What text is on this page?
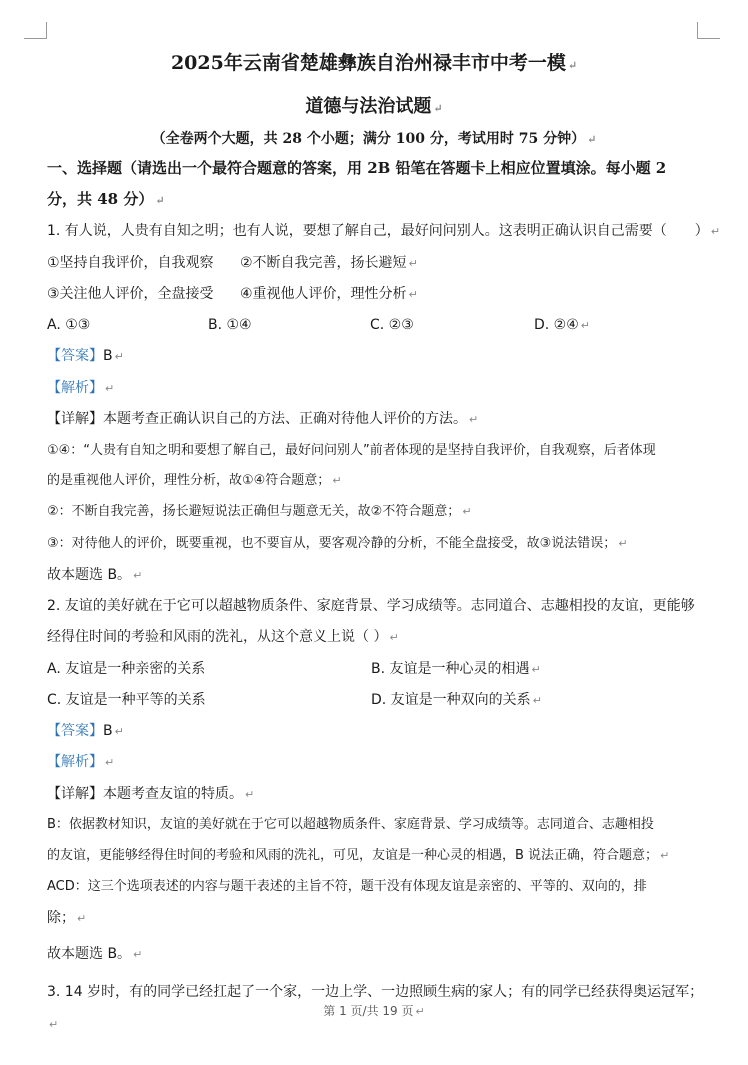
2025年云南省楚雄彝族自治州禄丰市中考一模 ↵
道德与法治试题 ↵
（全卷两个大题，共 28 个小题；满分 100 分，考试用时 75 分钟） ↵
一、选择题（请选出一个最符合题意的答案，用 2B 铅笔在答题卡上相应位置填涂。每小题 2
分，共 48 分） ↵
1. 有人说，人贵有自知之明；也有人说，要想了解自己，最好问问别人。这表明正确认识自己需要（　　） ↵
①坚持自我评价，自我观察 ②不断自我完善，扬长避短 ↵
③关注他人评价，全盘接受 ④重视他人评价，理性分析 ↵
A. ①③	B. ①④	C. ②③	D. ②④ ↵
【答案】B ↵
【解析】 ↵
【详解】本题考查正确认识自己的方法、正确对待他人评价的方法。 ↵
①④：“人贵有自知之明和要想了解自己，最好问问别人”前者体现的是坚持自我评价，自我观察，后者体现
的是重视他人评价，理性分析，故①④符合题意； ↵
②：不断自我完善，扬长避短说法正确但与题意无关，故②不符合题意； ↵
③：对待他人的评价，既要重视，也不要盲从，要客观冷静的分析，不能全盘接受，故③说法错误； ↵
故本题选 B。 ↵
2. 友谊的美好就在于它可以超越物质条件、家庭背景、学习成绩等。志同道合、志趣相投的友谊，更能够
经得住时间的考验和风雨的洗礼，从这个意义上说（ ） ↵
A. 友谊是一种亲密的关系	B. 友谊是一种心灵的相遇 ↵
C. 友谊是一种平等的关系	D. 友谊是一种双向的关系 ↵
【答案】B ↵
【解析】 ↵
【详解】本题考查友谊的特质。 ↵
B：依据教材知识，友谊的美好就在于它可以超越物质条件、家庭背景、学习成绩等。志同道合、志趣相投
的友谊，更能够经得住时间的考验和风雨的洗礼，可见，友谊是一种心灵的相遇，B 说法正确，符合题意； ↵
ACD：这三个选项表述的内容与题干表述的主旨不符，题干没有体现友谊是亲密的、平等的、双向的，排
除； ↵
故本题选 B。 ↵
3. 14 岁时，有的同学已经扛起了一个家，一边上学、一边照顾生病的家人；有的同学已经获得奥运冠军；
↵
第 1 页/共 19 页 ↵
